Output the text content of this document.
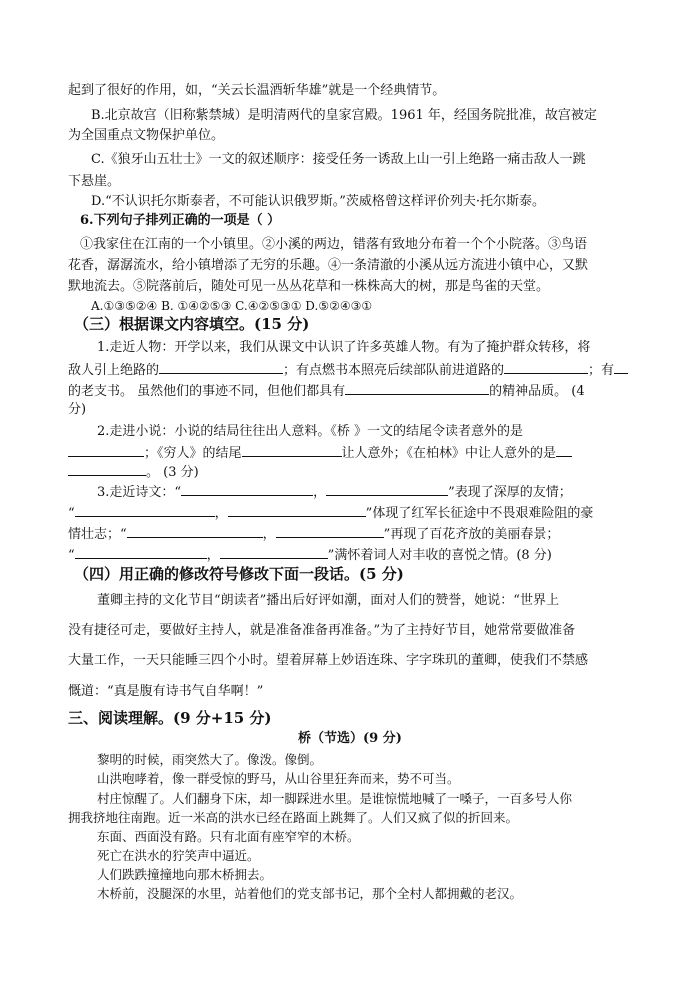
起到了很好的作用，如，“关云长温酒斩华雄”就是一个经典情节。
B.北京故宫（旧称紫禁城）是明清两代的皇家宫殿。1961 年，经国务院批准，故宫被定
为全国重点文物保护单位。
C.《狼牙山五壮士》一文的叙述顺序：接受任务一诱敌上山一引上绝路一痛击敌人一跳
下悬崖。
D.“不认识托尔斯泰者，不可能认识俄罗斯。”茨威格曾这样评价列夫·托尔斯泰。
6.下列句子排列正确的一项是（ ）
①我家住在江南的一个小镇里。②小溪的两边，错落有致地分布着一个个小院落。③鸟语
花香，潺潺流水，给小镇增添了无穷的乐趣。④一条清澈的小溪从远方流进小镇中心，又默
默地流去。⑤院落前后，随处可见一丛丛花草和一株株高大的树，那是鸟雀的天堂。
A.①③⑤②④ B. ①④②⑤③ C.④②⑤③① D.⑤②④③①
（三）根据课文内容填空。(15 分)
1.走近人物：开学以来，我们从课文中认识了许多英雄人物。有为了掩护群众转移，将
敌人引上绝路的	；有点燃书本照亮后续部队前进道路的	；有
的老支书。 虽然他们的事迹不同，但他们都具有	的精神品质。 (4
分)
2.走进小说：小说的结局往往出人意料。《桥 》一文的结尾令读者意外的是
；《穷人》的结尾	让人意外；《在柏林》中让人意外的是
。 (3 分)
3.走近诗文：“	，	”表现了深厚的友情；
“	，	”体现了红军长征途中不畏艰难险阻的豪
情壮志；“	，	”再现了百花齐放的美丽春景；
“	，	”满怀着词人对丰收的喜悦之情。(8 分)
（四）用正确的修改符号修改下面一段话。(5 分)
董卿主持的文化节目“朗读者”播出后好评如潮，面对人们的赞誉，她说：“世界上
没有捷径可走，要做好主持人，就是准备准备再准备。”为了主持好节目，她常常要做准备
大量工作，一天只能睡三四个小时。望着屏幕上妙语连珠、字字珠玑的董卿，使我们不禁感
慨道：“真是腹有诗书气自华啊！”
三、阅读理解。(9 分+15 分)
桥（节选）(9 分)
黎明的时候，雨突然大了。像泼。像倒。
山洪咆哮着，像一群受惊的野马，从山谷里狂奔而来，势不可当。
村庄惊醒了。人们翻身下床，却一脚踩进水里。是谁惊慌地喊了一嗓子，一百多号人你
拥我挤地往南跑。近一米高的洪水已经在路面上跳舞了。人们又疯了似的折回来。
东面、西面没有路。只有北面有座窄窄的木桥。
死亡在洪水的狞笑声中逼近。
人们跌跌撞撞地向那木桥拥去。
木桥前，没腿深的水里，站着他们的党支部书记，那个全村人都拥戴的老汉。
